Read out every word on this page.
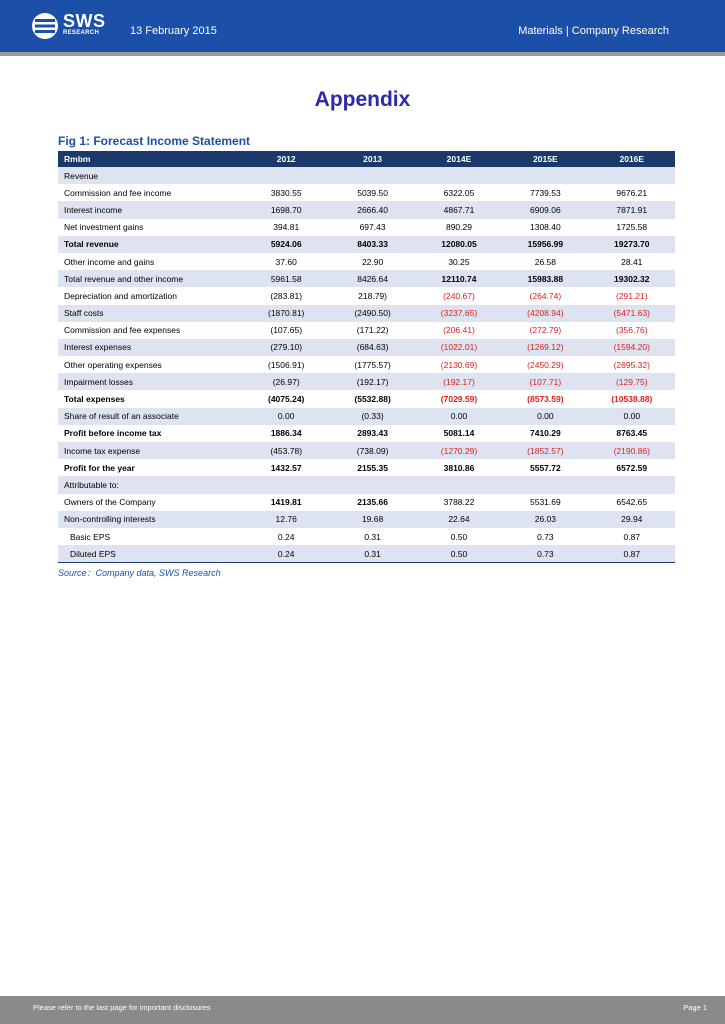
SWS
RESEARCH	13 February 2015	Materials | Company Research
Appendix
Fig 1: Forecast Income Statement
Rmbm	2012	2013	2014E	2015E	2016E
Revenue					
Commission and fee income	3830.55	5039.50	6322.05	7739.53	9676.21
Interest income	1698.70	2666.40	4867.71	6909.06	7871.91
Net investment gains	394.81	697.43	890.29	1308.40	1725.58
Total revenue	5924.06	8403.33	12080.05	15956.99	19273.70
Other income and gains	37.60	22.90	30.25	26.58	28.41
Total revenue and other income	5961.58	8426.64	12110.74	15983.88	19302.32
Depreciation and amortization	(283.81)	218.79)	(240.67)	(264.74)	(291.21)
Staff costs	(1870.81)	(2490.50)	(3237.65)	(4208.94)	(5471.63)
Commission and fee expenses	(107.65)	(171.22)	(206.41)	(272.79)	(356.76)
Interest expenses	(279.10)	(684.63)	(1022.01)	(1269.12)	(1594.20)
Other operating expenses	(1506.91)	(1775.57)	(2130.69)	(2450.29)	(2695.32)
Impairment losses	(26.97)	(192.17)	(192.17)	(107.71)	(129.75)
Total expenses	(4075.24)	(5532.88)	(7029.59)	(8573.59)	(10538.88)
Share of result of an associate	0.00	(0.33)	0.00	0.00	0.00
Profit before income tax	1886.34	2893.43	5081.14	7410.29	8763.45
Income tax expense	(453.78)	(738.09)	(1270.29)	(1852.57)	(2190.86)
Profit for the year	1432.57	2155.35	3810.86	5557.72	6572.59
Attributable to:					
Owners of the Company	1419.81	2135.66	3788.22	5531.69	6542.65
Non-controlling interests	12.76	19.68	22.64	26.03	29.94
Basic EPS	0.24	0.31	0.50	0.73	0.87
Diluted EPS	0.24	0.31	0.50	0.73	0.87
Source：Company data, SWS Research
Please refer to the last page for important disclosures	Page 1
